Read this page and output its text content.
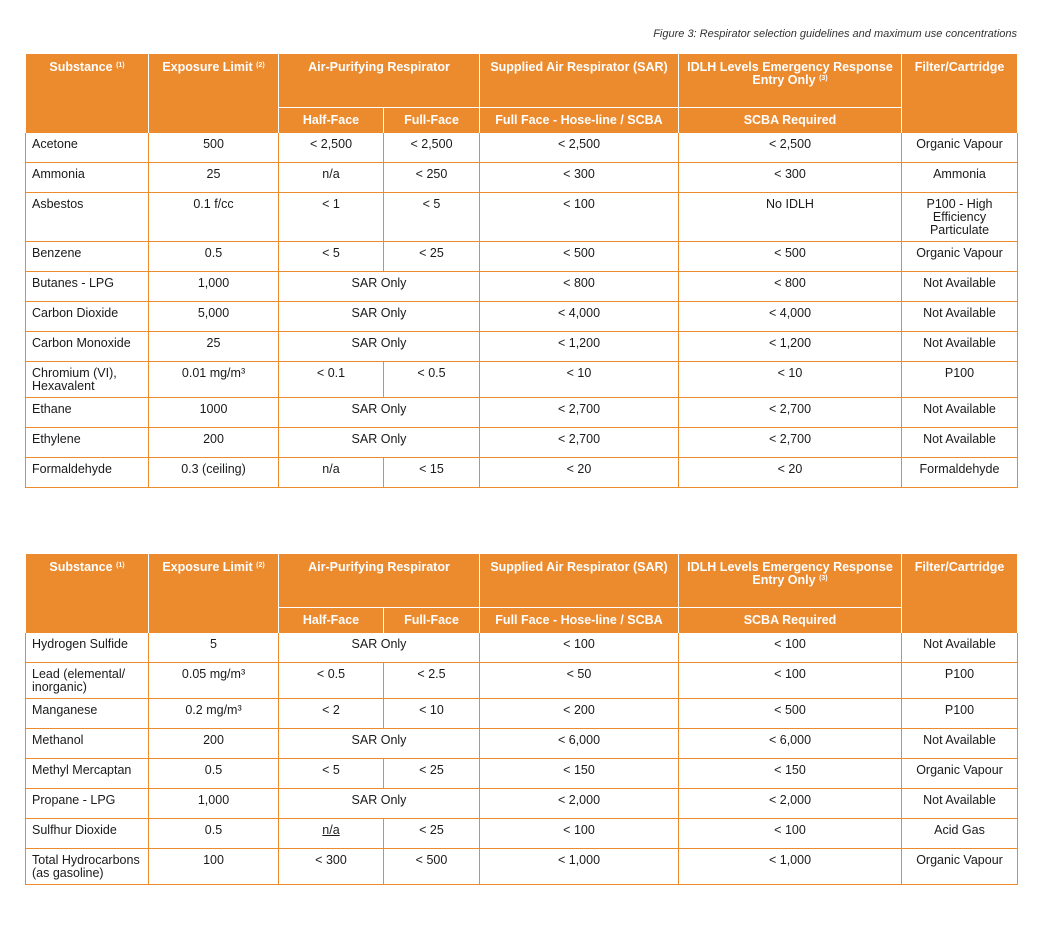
Figure 3: Respirator selection guidelines and maximum use concentrations
Substance $^{(1)}$	Exposure Limit $^{(2)}$	Air-Purifying Respirator		Supplied Air Respirator (SAR)	IDLH Levels Emergency Response Entry Only $^{(3)}$	Filter/Cartridge
		Half-Face	Full-Face	Full Face - Hose-line / SCBA	SCBA Required	
Acetone	500	< 2,500	< 2,500	< 2,500	< 2,500	Organic Vapour
Ammonia	25	n/a	< 250	< 300	< 300	Ammonia
Asbestos	0.1 f/cc	< 1	< 5	< 100	No IDLH	P100 - High Efficiency Particulate
Benzene	0.5	< 5	< 25	< 500	< 500	Organic Vapour
Butanes - LPG	1,000	SAR Only		< 800	< 800	Not Available
Carbon Dioxide	5,000	SAR Only		< 4,000	< 4,000	Not Available
Carbon Monoxide	25	SAR Only		< 1,200	< 1,200	Not Available
Chromium (VI), Hexavalent	0.01 mg/m³	< 0.1	< 0.5	< 10	< 10	P100
Ethane	1000	SAR Only		< 2,700	< 2,700	Not Available
Ethylene	200	SAR Only		< 2,700	< 2,700	Not Available
Formaldehyde	0.3 (ceiling)	n/a	< 15	< 20	< 20	Formaldehyde
Substance $^{(1)}$	Exposure Limit $^{(2)}$	Air-Purifying Respirator		Supplied Air Respirator (SAR)	IDLH Levels Emergency Response Entry Only $^{(3)}$	Filter/Cartridge
		Half-Face	Full-Face	Full Face - Hose-line / SCBA	SCBA Required	
Hydrogen Sulfide	5	SAR Only		< 100	< 100	Not Available
Lead (elemental/ inorganic)	0.05 mg/m³	< 0.5	< 2.5	< 50	< 100	P100
Manganese	0.2 mg/m³	< 2	< 10	< 200	< 500	P100
Methanol	200	SAR Only		< 6,000	< 6,000	Not Available
Methyl Mercaptan	0.5	< 5	< 25	< 150	< 150	Organic Vapour
Propane - LPG	1,000	SAR Only		< 2,000	< 2,000	Not Available
Sulfhur Dioxide	0.5	n/a	< 25	< 100	< 100	Acid Gas
Total Hydrocarbons (as gasoline)	100	< 300	< 500	< 1,000	< 1,000	Organic Vapour
